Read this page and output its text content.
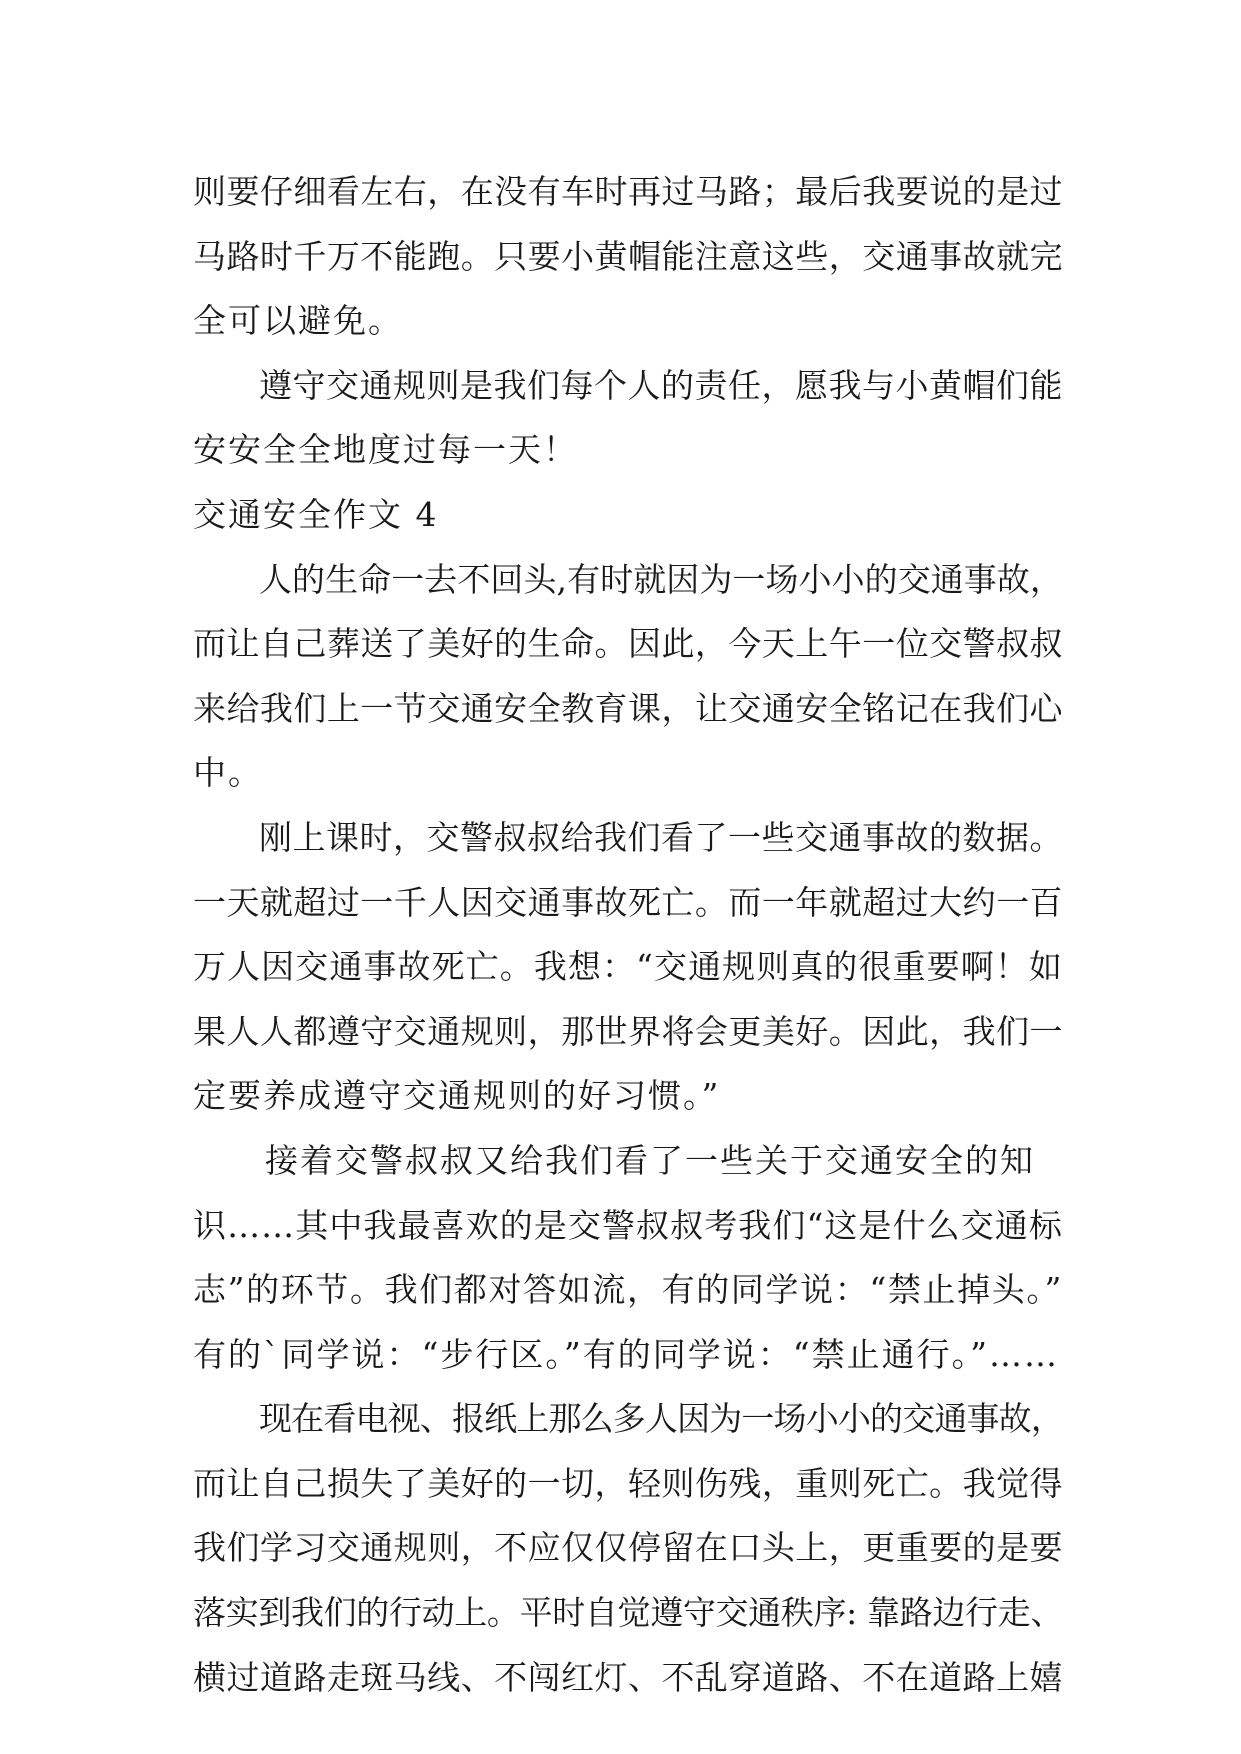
则要仔细看左右，在没有车时再过马路；最后我要说的是过
马路时千万不能跑。只要小黄帽能注意这些，交通事故就完
全可以避免。
遵守交通规则是我们每个人的责任，愿我与小黄帽们能
安安全全地度过每一天！
交通安全作文 4
人的生命一去不回头,有时就因为一场小小的交通事故，
而让自己葬送了美好的生命。因此，今天上午一位交警叔叔
来给我们上一节交通安全教育课，让交通安全铭记在我们心
中。
刚上课时，交警叔叔给我们看了一些交通事故的数据。
一天就超过一千人因交通事故死亡。而一年就超过大约一百
万人因交通事故死亡。我想：“交通规则真的很重要啊！如
果人人都遵守交通规则，那世界将会更美好。因此，我们一
定要养成遵守交通规则的好习惯。”
接着交警叔叔又给我们看了一些关于交通安全的知
识……其中我最喜欢的是交警叔叔考我们“这是什么交通标
志”的环节。我们都对答如流，有的同学说：“禁止掉头。”
有的`同学说：“步行区。”有的同学说：“禁止通行。”……
现在看电视、报纸上那么多人因为一场小小的交通事故，
而让自己损失了美好的一切，轻则伤残，重则死亡。我觉得
我们学习交通规则，不应仅仅停留在口头上，更重要的是要
落实到我们的行动上。平时自觉遵守交通秩序: 靠路边行走、
横过道路走斑马线、不闯红灯、不乱穿道路、不在道路上嬉
